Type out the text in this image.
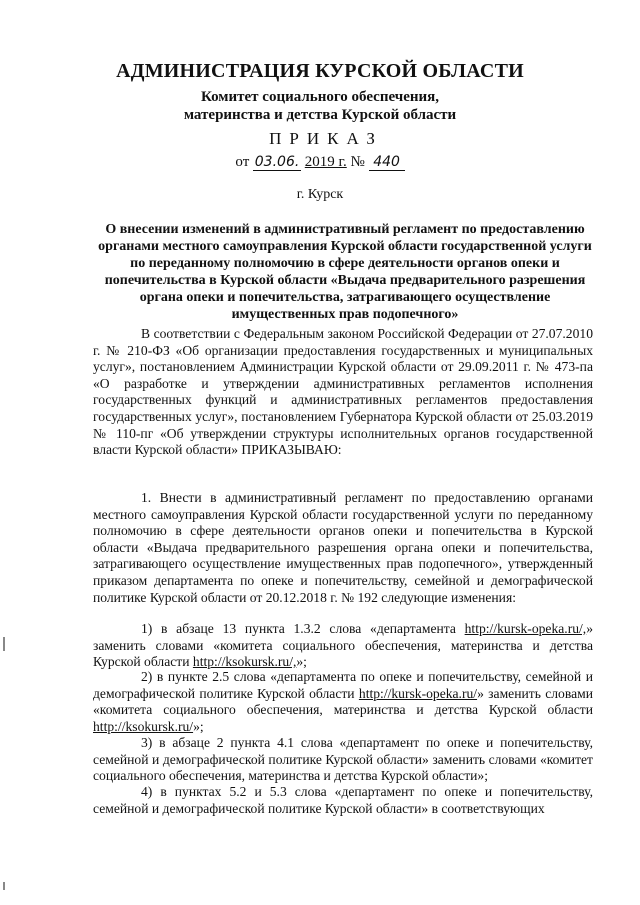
АДМИНИСТРАЦИЯ КУРСКОЙ ОБЛАСТИ
Комитет социального обеспечения,
материнства и детства Курской области
ПРИКАЗ
от 03.06. 2019 г. № 440
г. Курск
О внесении изменений в административный регламент по предоставлению органами местного самоуправления Курской области государственной услуги по переданному полномочию в сфере деятельности органов опеки и попечительства в Курской области «Выдача предварительного разрешения органа опеки и попечительства, затрагивающего осуществление имущественных прав подопечного»

В соответствии с Федеральным законом Российской Федерации от 27.07.2010 г. № 210-ФЗ «Об организации предоставления государственных и муниципальных услуг», постановлением Администрации Курской области от 29.09.2011 г. № 473-па «О разработке и утверждении административных регламентов исполнения государственных функций и административных регламентов предоставления государственных услуг», постановлением Губернатора Курской области от 25.03.2019 № 110-пг «Об утверждении структуры исполнительных органов государственной власти Курской области» ПРИКАЗЫВАЮ:

1. Внести в административный регламент по предоставлению органами местного самоуправления Курской области государственной услуги по переданному полномочию в сфере деятельности органов опеки и попечительства в Курской области «Выдача предварительного разрешения органа опеки и попечительства, затрагивающего осуществление имущественных прав подопечного», утвержденный приказом департамента по опеке и попечительству, семейной и демографической политике Курской области от 20.12.2018 г. № 192 следующие изменения:

1) в абзаце 13 пункта 1.3.2 слова «департамента http://kursk-opeka.ru/,» заменить словами «комитета социального обеспечения, материнства и детства Курской области http://ksokursk.ru/,»;

2) в пункте 2.5 слова «департамента по опеке и попечительству, семейной и демографической политике Курской области http://kursk-opeka.ru/» заменить словами «комитета социального обеспечения, материнства и детства Курской области http://ksokursk.ru/»;

3) в абзаце 2 пункта 4.1 слова «департамент по опеке и попечительству, семейной и демографической политике Курской области» заменить словами «комитет социального обеспечения, материнства и детства Курской области»;

4) в пунктах 5.2 и 5.3 слова «департамент по опеке и попечительству, семейной и демографической политике Курской области» в соответствующих
